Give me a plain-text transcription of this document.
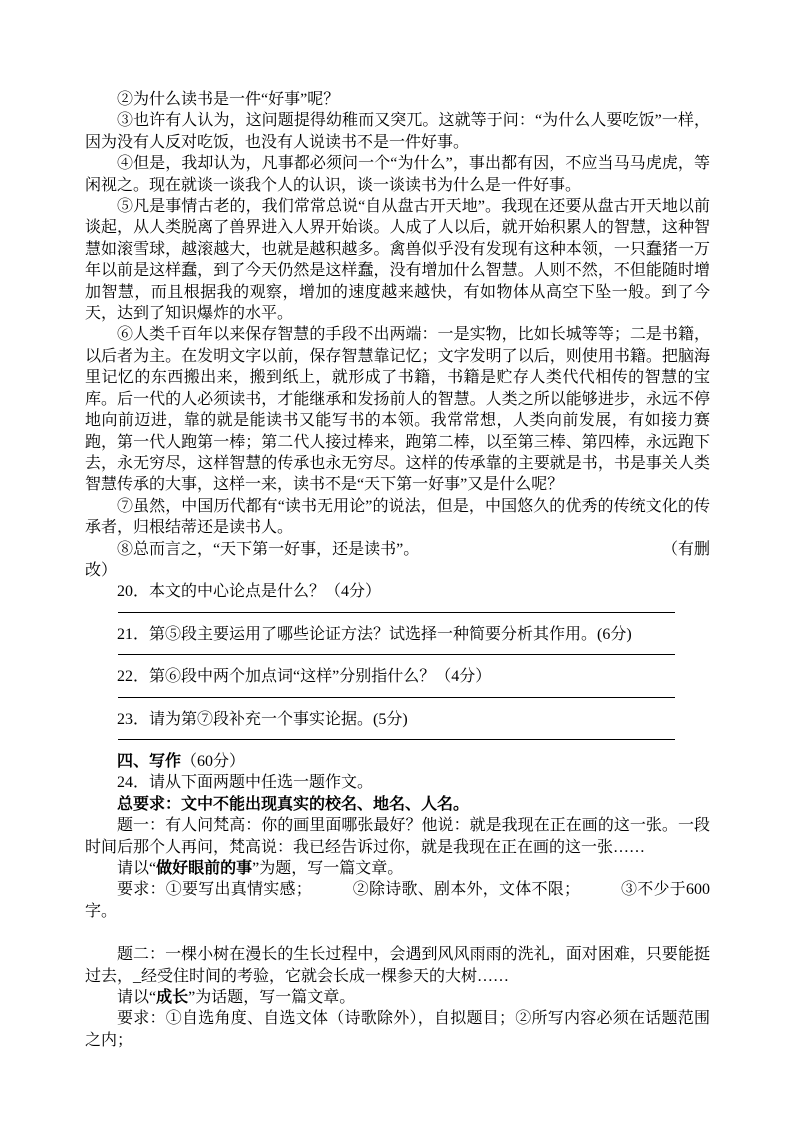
②为什么读书是一件“好事”呢？

③也许有人认为，这问题提得幼稚而又突兀。这就等于问：“为什么人要吃饭”一样，因为没有人反对吃饭，也没有人说读书不是一件好事。

④但是，我却认为，凡事都必须问一个“为什么”，事出都有因，不应当马马虎虎，等闲视之。现在就谈一谈我个人的认识，谈一谈读书为什么是一件好事。

⑤凡是事情古老的，我们常常总说“自从盘古开天地”。我现在还要从盘古开天地以前谈起，从人类脱离了兽界进入人界开始谈。人成了人以后，就开始积累人的智慧，这种智慧如滚雪球，越滚越大，也就是越积越多。禽兽似乎没有发现有这种本领，一只蠢猪一万年以前是这样蠢，到了今天仍然是这样蠢，没有增加什么智慧。人则不然，不但能随时增加智慧，而且根据我的观察，增加的速度越来越快，有如物体从高空下坠一般。到了今天，达到了知识爆炸的水平。

⑥人类千百年以来保存智慧的手段不出两端：一是实物，比如长城等等；二是书籍，以后者为主。在发明文字以前，保存智慧靠记忆；文字发明了以后，则使用书籍。把脑海里记忆的东西搬出来，搬到纸上，就形成了书籍，书籍是贮存人类代代相传的智慧的宝库。后一代的人必须读书，才能继承和发扬前人的智慧。人类之所以能够进步，永远不停地向前迈进，靠的就是能读书又能写书的本领。我常常想，人类向前发展，有如接力赛跑，第一代人跑第一棒；第二代人接过棒来，跑第二棒，以至第三棒、第四棒，永远跑下去，永无穷尽，这样智慧的传承也永无穷尽。这样的传承靠的主要就是书，书是事关人类智慧传承的大事，这样一来，读书不是“天下第一好事”又是什么呢？

⑦虽然，中国历代都有“读书无用论”的说法，但是，中国悠久的优秀的传统文化的传承者，归根结蒂还是读书人。

⑧总而言之，“天下第一好事，还是读书”。	（有删

改）

20．本文的中心论点是什么？（4分）

21．第⑤段主要运用了哪些论证方法？试选择一种简要分析其作用。(6分)

22．第⑥段中两个加点词“这样”分别指什么？（4分）

23．请为第⑦段补充一个事实论据。(5分)

四、写作（60分）

24．请从下面两题中任选一题作文。

总要求：文中不能出现真实的校名、地名、人名。

题一：有人问梵高：你的画里面哪张最好？他说：就是我现在正在画的这一张。一段时间后那个人再问，梵高说：我已经告诉过你，就是我现在正在画的这一张……

请以“做好眼前的事”为题，写一篇文章。

要求：①要写出真情实感；　　　②除诗歌、剧本外，文体不限；　　　③不少于600字。

题二：一棵小树在漫长的生长过程中，会遇到风风雨雨的洗礼，面对困难，只要能挺过去，_经受住时间的考验，它就会长成一棵参天的大树……

请以“成长”为话题，写一篇文章。

要求：①自选角度、自选文体（诗歌除外），自拟题目；②所写内容必须在话题范围之内；
